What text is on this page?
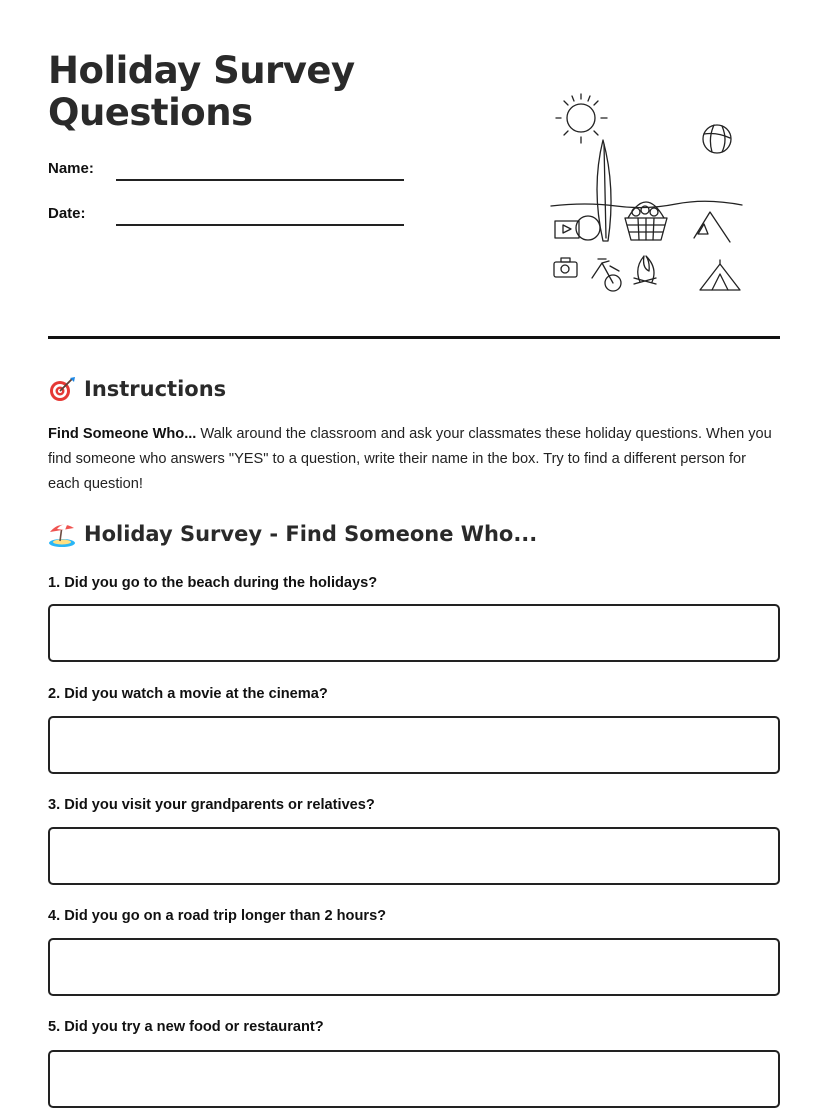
Holiday Survey Questions
Name:
Date:
Instructions

Find Someone Who... Walk around the classroom and ask your classmates these holiday questions. When you find someone who answers "YES" to a question, write their name in the box. Try to find a different person for each question!

Holiday Survey - Find Someone Who...

1. Did you go to the beach during the holidays?

2. Did you watch a movie at the cinema?

3. Did you visit your grandparents or relatives?

4. Did you go on a road trip longer than 2 hours?

5. Did you try a new food or restaurant?
